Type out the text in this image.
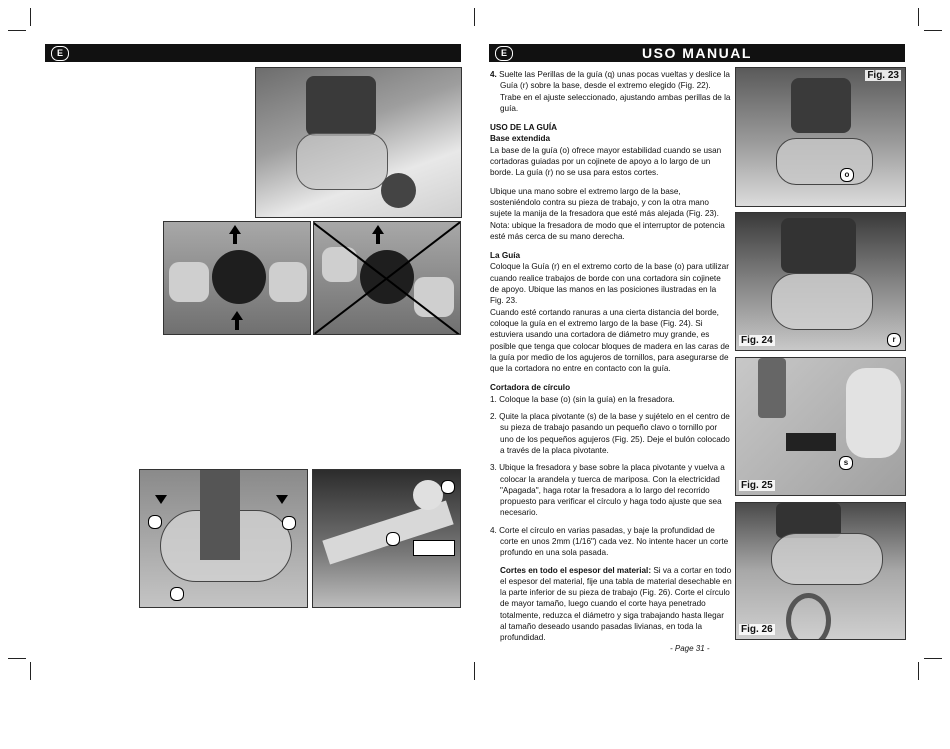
E	E	USO MANUAL
Fig. 23
o
Fig. 24	r
Fig. 25
s
Fig. 26

4. Suelte las Perillas de la guía (q) unas pocas vueltas y deslice la Guía (r) sobre la base, desde el extremo elegido (Fig. 22). Trabe en el ajuste seleccionado, ajustando ambas perillas de la guía.

USO DE LA GUÍA

Base extendida

La base de la guía (o) ofrece mayor estabilidad cuando se usan cortadoras guiadas por un cojinete de apoyo a lo largo de un borde. La guía (r) no se usa para estos cortes.

Ubique una mano sobre el extremo largo de la base, sosteniéndolo contra su pieza de trabajo, y con la otra mano sujete la manija de la fresadora que esté más alejada (Fig. 23). Nota: ubique la fresadora de modo que el interruptor de potencia esté más cerca de su mano derecha.

La Guía

Coloque la Guía (r) en el extremo corto de la base (o) para utilizar cuando realice trabajos de borde con una cortadora sin cojinete de apoyo. Ubique las manos en las posiciones ilustradas en la Fig. 23.

Cuando esté cortando ranuras a una cierta distancia del borde, coloque la guía en el extremo largo de la base (Fig. 24). Si estuviera usando una cortadora de diámetro muy grande, es posible que tenga que colocar bloques de madera en las caras de la guía por medio de los agujeros de tornillos, para asegurarse de que la cortadora no entre en contacto con la guía.

Cortadora de círculo

1. Coloque la base (o) (sin la guía) en la fresadora.

2. Quite la placa pivotante (s) de la base y sujételo en el centro de su pieza de trabajo pasando un pequeño clavo o tornillo por uno de los pequeños agujeros (Fig. 25). Deje el bulón colocado a través de la placa pivotante.

3. Ubique la fresadora y base sobre la placa pivotante y vuelva a colocar la arandela y tuerca de mariposa. Con la electricidad "Apagada", haga rotar la fresadora a lo largo del recorrido propuesto para verificar el círculo y haga todo ajuste que sea necesario.

4. Corte el círculo en varias pasadas, y baje la profundidad de corte en unos 2mm (1/16") cada vez. No intente hacer un corte profundo en una sola pasada.

Cortes en todo el espesor del material: Si va a cortar en todo el espesor del material, fije una tabla de material desechable en la parte inferior de su pieza de trabajo (Fig. 26). Corte el círculo de mayor tamaño, luego cuando el corte haya penetrado totalmente, reduzca el diámetro y siga trabajando hasta llegar al tamaño deseado usando pasadas livianas, en toda la profundidad.

- Page 31 -
